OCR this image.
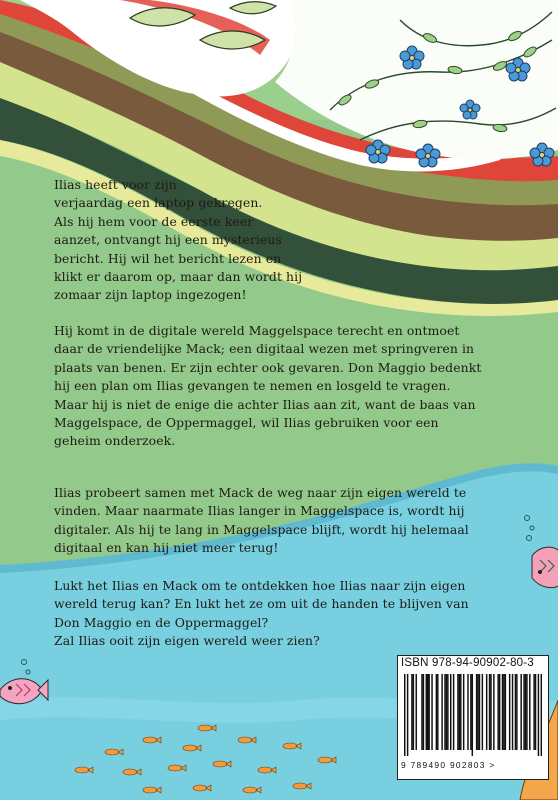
Ilias heeft voor zijn
verjaardag een laptop gekregen.
Als hij hem voor de eerste keer
aanzet, ontvangt hij een mysterieus
bericht. Hij wil het bericht lezen en
klikt er daarom op, maar dan wordt hij
zomaar zijn laptop ingezogen!

Hij komt in de digitale wereld Maggelspace terecht en ontmoet
daar de vriendelijke Mack; een digitaal wezen met springveren in
plaats van benen. Er zijn echter ook gevaren. Don Maggio bedenkt
hij een plan om Ilias gevangen te nemen en losgeld te vragen.
Maar hij is niet de enige die achter Ilias aan zit, want de baas van
Maggelspace, de Oppermaggel, wil Ilias gebruiken voor een
geheim onderzoek.

Ilias probeert samen met Mack de weg naar zijn eigen wereld te
vinden. Maar naarmate Ilias langer in Maggelspace is, wordt hij
digitaler. Als hij te lang in Maggelspace blijft, wordt hij helemaal
digitaal en kan hij niet meer terug!

Lukt het Ilias en Mack om te ontdekken hoe Ilias naar zijn eigen
wereld terug kan? En lukt het ze om uit de handen te blijven van
Don Maggio en de Oppermaggel?
Zal Ilias ooit zijn eigen wereld weer zien?

ISBN 978-94-90902-80-3
9 789490 902803 >
